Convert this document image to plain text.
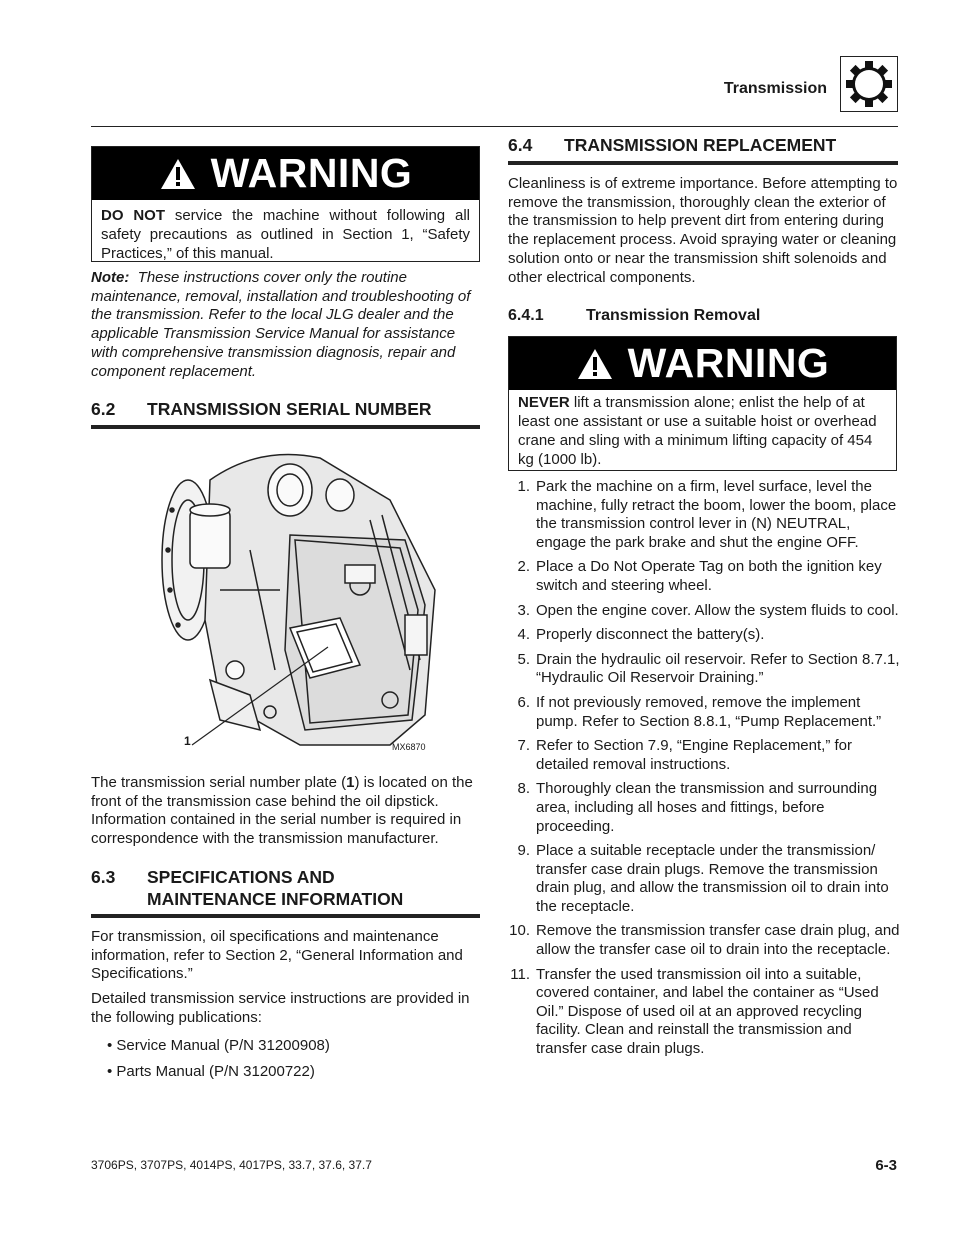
Transmission
WARNING
DO NOT service the machine without following all safety precautions as outlined in Section 1, “Safety Practices,” of this manual.
Note: These instructions cover only the routine maintenance, removal, installation and troubleshooting of the transmission. Refer to the local JLG dealer and the applicable Transmission Service Manual for assistance with comprehensive transmission diagnosis, repair and component replacement.
6.2 TRANSMISSION SERIAL NUMBER
1	MX6870
The transmission serial number plate (1) is located on the front of the transmission case behind the oil dipstick. Information contained in the serial number is required in correspondence with the transmission manufacturer.
6.3 SPECIFICATIONS AND
MAINTENANCE INFORMATION
For transmission, oil specifications and maintenance information, refer to Section 2, “General Information and Specifications.”
Detailed transmission service instructions are provided in the following publications:
• Service Manual (P/N 31200908)
• Parts Manual (P/N 31200722)
6.4 TRANSMISSION REPLACEMENT
Cleanliness is of extreme importance. Before attempting to remove the transmission, thoroughly clean the exterior of the transmission to help prevent dirt from entering during the replacement process. Avoid spraying water or cleaning solution onto or near the transmission shift solenoids and other electrical components.
6.4.1	Transmission Removal
WARNING
NEVER lift a transmission alone; enlist the help of at least one assistant or use a suitable hoist or overhead crane and sling with a minimum lifting capacity of 454 kg (1000 lb).
1. Park the machine on a firm, level surface, level the machine, fully retract the boom, lower the boom, place the transmission control lever in (N) NEUTRAL, engage the park brake and shut the engine OFF.
2. Place a Do Not Operate Tag on both the ignition key switch and steering wheel.
3. Open the engine cover. Allow the system fluids to cool.
4. Properly disconnect the battery(s).
5. Drain the hydraulic oil reservoir. Refer to Section 8.7.1, “Hydraulic Oil Reservoir Draining.”
6. If not previously removed, remove the implement pump. Refer to Section 8.8.1, “Pump Replacement.”
7. Refer to Section 7.9, “Engine Replacement,” for detailed removal instructions.
8. Thoroughly clean the transmission and surrounding area, including all hoses and fittings, before proceeding.
9. Place a suitable receptacle under the transmission/ transfer case drain plugs. Remove the transmission drain plug, and allow the transmission oil to drain into the receptacle.
10. Remove the transmission transfer case drain plug, and allow the transfer case oil to drain into the receptacle.
11. Transfer the used transmission oil into a suitable, covered container, and label the container as “Used Oil.” Dispose of used oil at an approved recycling facility. Clean and reinstall the transmission and transfer case drain plugs.
3706PS, 3707PS, 4014PS, 4017PS, 33.7, 37.6, 37.7	6-3
